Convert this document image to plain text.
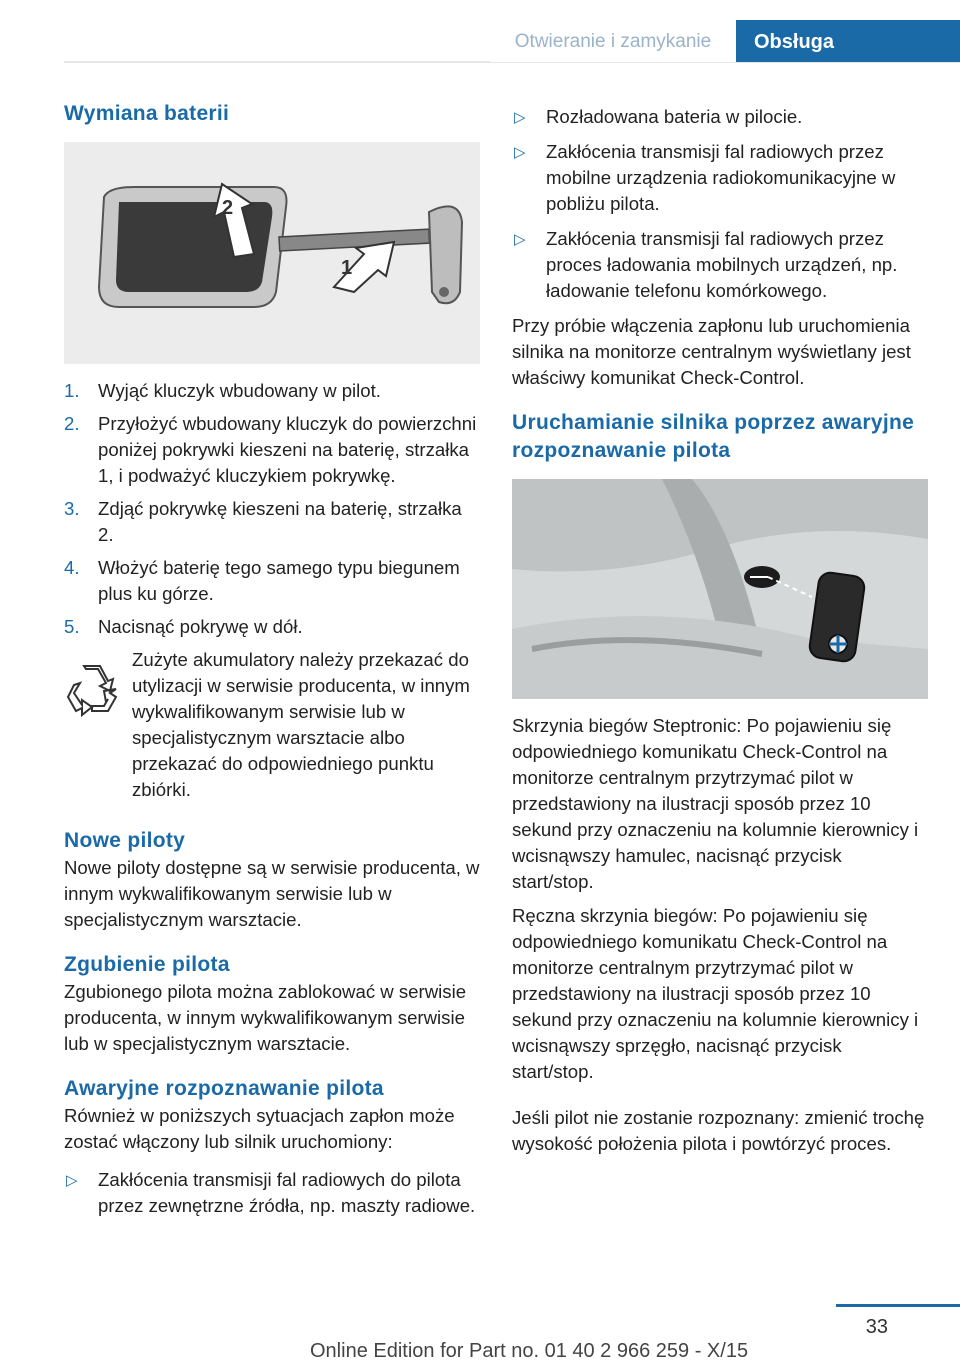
Otwieranie i zamykanie	Obsługa
Wymiana baterii
1
2
1. Wyjąć kluczyk wbudowany w pilot.
2. Przyłożyć wbudowany kluczyk do powierzchni poniżej pokrywki kieszeni na baterię, strzałka 1, i podważyć kluczykiem pokrywkę.
3. Zdjąć pokrywkę kieszeni na baterię, strzałka 2.
4. Włożyć baterię tego samego typu biegunem plus ku górze.
5. Nacisnąć pokrywę w dół.

Zużyte akumulatory należy przekazać do utylizacji w serwisie producenta, w innym wykwalifikowanym serwisie lub w specjalistycznym warsztacie albo przekazać do odpowiedniego punktu zbiórki.

Nowe piloty

Nowe piloty dostępne są w serwisie producenta, w innym wykwalifikowanym serwisie lub w specjalistycznym warsztacie.

Zgubienie pilota

Zgubionego pilota można zablokować w serwisie producenta, w innym wykwalifikowanym serwisie lub w specjalistycznym warsztacie.

Awaryjne rozpoznawanie pilota

Również w poniższych sytuacjach zapłon może zostać włączony lub silnik uruchomiony:

▷ Zakłócenia transmisji fal radiowych do pilota przez zewnętrzne źródła, np. maszty radiowe.
▷ Rozładowana bateria w pilocie.
▷ Zakłócenia transmisji fal radiowych przez mobilne urządzenia radiokomunikacyjne w pobliżu pilota.
▷ Zakłócenia transmisji fal radiowych przez proces ładowania mobilnych urządzeń, np. ładowanie telefonu komórkowego.

Przy próbie włączenia zapłonu lub uruchomienia silnika na monitorze centralnym wyświetlany jest właściwy komunikat Check-Control.

Uruchamianie silnika poprzez awaryjne rozpoznawanie pilota

Skrzynia biegów Steptronic: Po pojawieniu się odpowiedniego komunikatu Check-Control na monitorze centralnym przytrzymać pilot w przedstawiony na ilustracji sposób przez 10 sekund przy oznaczeniu na kolumnie kierownicy i wcisnąwszy hamulec, nacisnąć przycisk start/stop.

Ręczna skrzynia biegów: Po pojawieniu się odpowiedniego komunikatu Check-Control na monitorze centralnym przytrzymać pilot w przedstawiony na ilustracji sposób przez 10 sekund przy oznaczeniu na kolumnie kierownicy i wcisnąwszy sprzęgło, nacisnąć przycisk start/stop.

Jeśli pilot nie zostanie rozpoznany: zmienić trochę wysokość położenia pilota i powtórzyć proces.

33
Online Edition for Part no. 01 40 2 966 259 - X/15
